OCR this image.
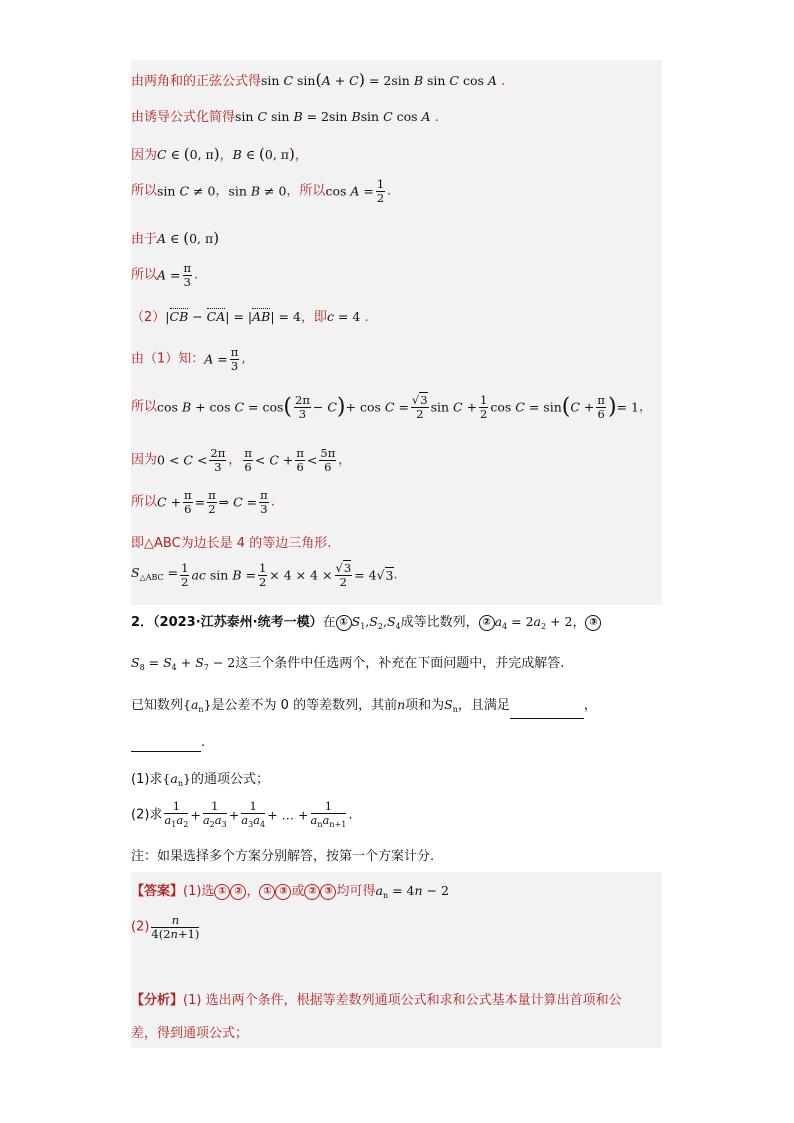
由两角和的正弦公式得sin C sin(A + C) = 2sin B sin C cos A .
由诱导公式化简得sin C sin B = 2sin Bsin C cos A .
因为C ∈ (0, π)，B ∈ (0, π)，
所以sin C ≠ 0，sin B ≠ 0，所以$\cos A = \frac{1}{2}$ .
由于A ∈ (0, π)
所以$A = \frac{\pi}{3}$ .
（2）|CB − CA| = |AB| = 4，即c = 4 .
由（1）知：$A = \frac{\pi}{3}$ ,
所以$\cos B + \cos C = \cos( \frac{2\pi}{3} - C)+ \cos C = \frac{√3}{2}$ $\sin C + \frac{1}{2}$ $\cos C = \sin(C + \frac{\pi}{6}$ )= 1，
因为$0 < C < \frac{2\pi}{3}$ ， $\frac{\pi}{6} < C + \frac{\pi}{6} < \frac{5\pi}{6}$ ，
所以$C + \frac{\pi}{6} = \frac{\pi}{2}$ ⇒ $C = \frac{\pi}{3}$ .
即△ABC为边长是 4 的等边三角形.
$S_{\triangle ABC} = \frac{1}{2}$ ac $\sin B = \frac{1}{2} \times 4 \times 4 \times \frac{√3}{2} = 4√3$.
2．（2023·江苏泰州·统考一模）在 ① $S_1,S_2,S_4$成等比数列， ② $a_4 = 2a_2 + 2$， ③
$S_8 = S_4 + S_7 - 2$这三个条件中任选两个，补充在下面问题中，并完成解答.
已知数列$\{a_n\}$是公差不为 0 的等差数列，其前n项和为$S_n$，且满足	，
.
(1)求$\{a_n\}$的通项公式；
(2)求 $\frac{1}{a_1a_2} + \frac{1}{a_2a_3} + \frac{1}{a_3a_4}$ + … + $\frac{1}{a_na_{n+1}}$ .
注：如果选择多个方案分别解答，按第一个方案计分.
【答案】(1)选 ① ② ， ① ③ 或 ② ③ 均可得$a_n = 4n - 2$
$(2) \frac{n}{4(2n+1)}$
【分析】(1) 选出两个条件，根据等差数列通项公式和求和公式基本量计算出首项和公
差，得到通项公式；
